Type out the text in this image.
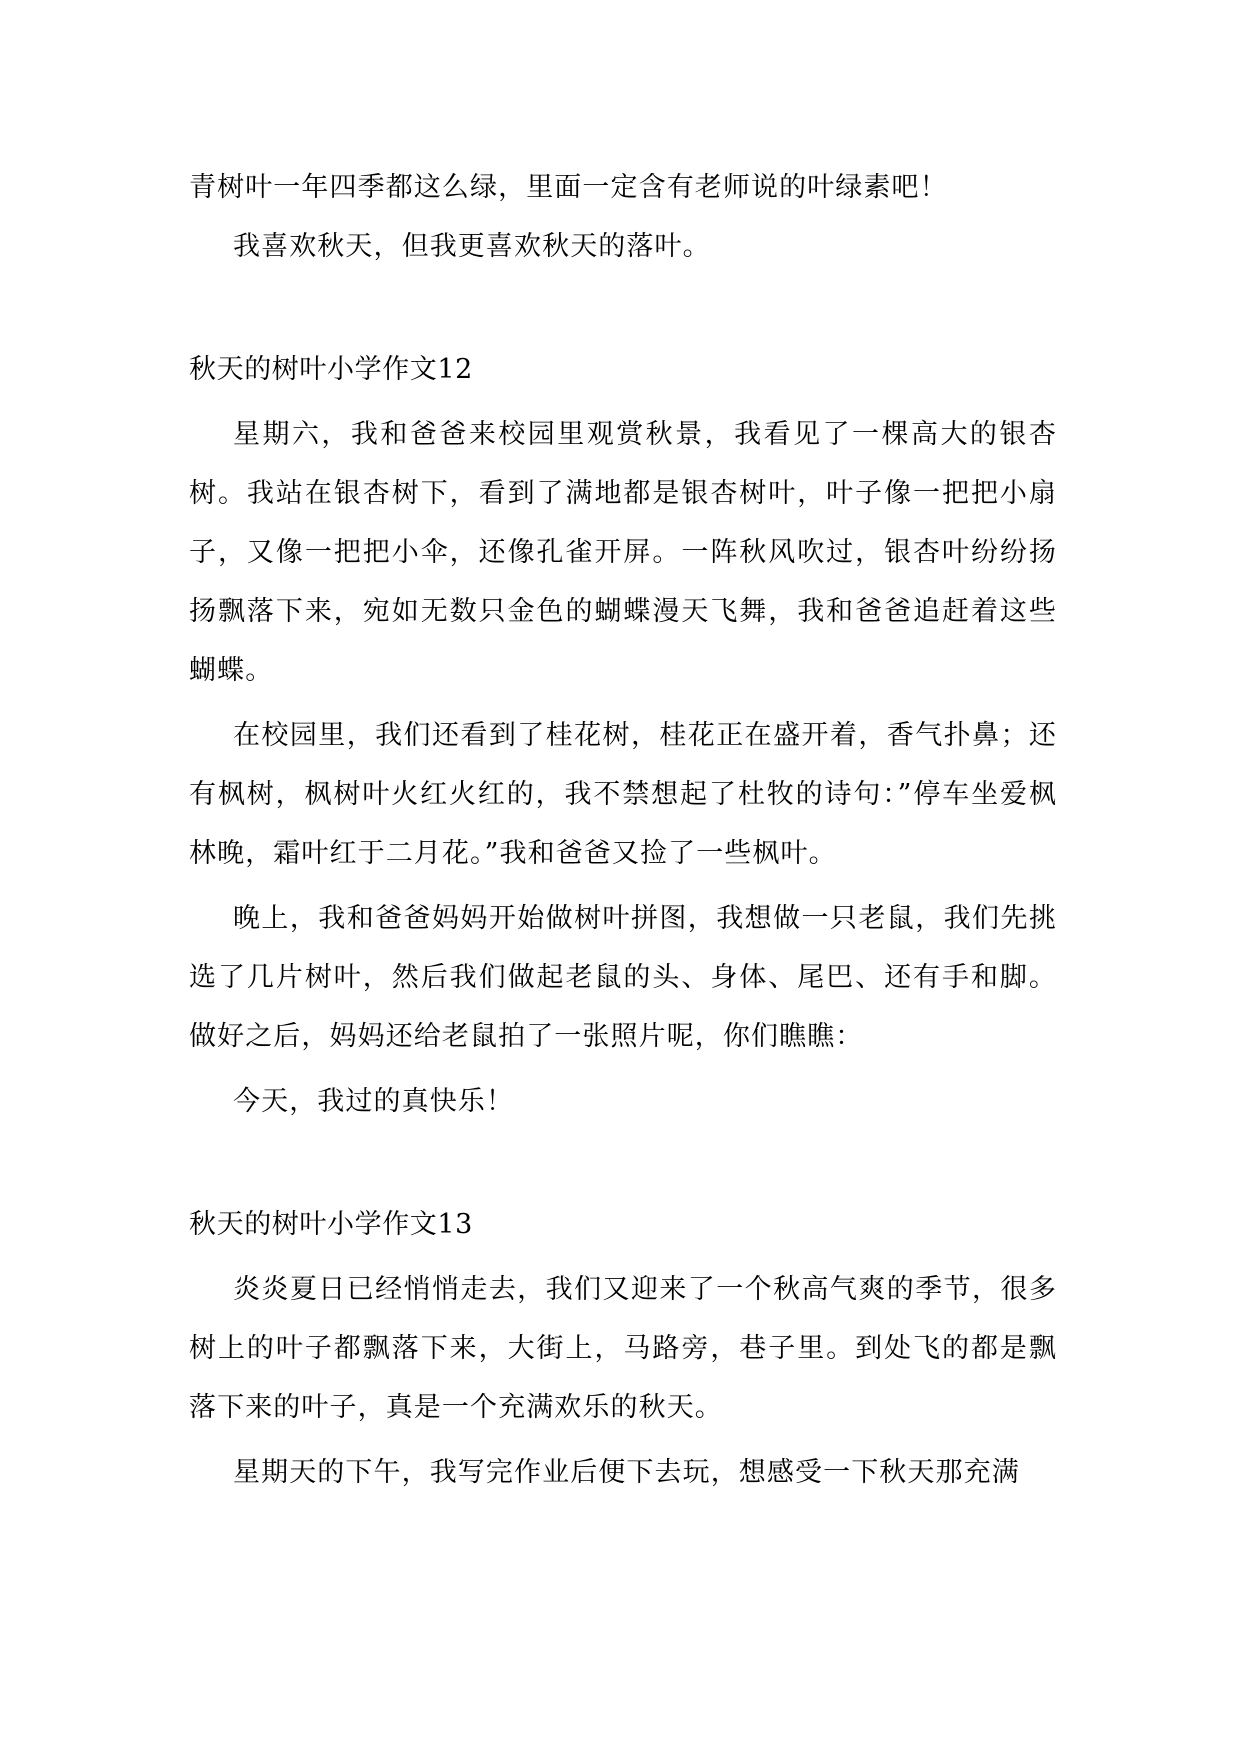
青树叶一年四季都这么绿，里面一定含有老师说的叶绿素吧！

我喜欢秋天，但我更喜欢秋天的落叶。

秋天的树叶小学作文12

星期六，我和爸爸来校园里观赏秋景，我看见了一棵高大的银杏树。我站在银杏树下，看到了满地都是银杏树叶，叶子像一把把小扇子，又像一把把小伞，还像孔雀开屏。一阵秋风吹过，银杏叶纷纷扬扬飘落下来，宛如无数只金色的蝴蝶漫天飞舞，我和爸爸追赶着这些蝴蝶。

在校园里，我们还看到了桂花树，桂花正在盛开着，香气扑鼻；还有枫树，枫树叶火红火红的，我不禁想起了杜牧的诗句：”停车坐爱枫林晚，霜叶红于二月花。”我和爸爸又捡了一些枫叶。

晚上，我和爸爸妈妈开始做树叶拼图，我想做一只老鼠，我们先挑选了几片树叶，然后我们做起老鼠的头、身体、尾巴、还有手和脚。做好之后，妈妈还给老鼠拍了一张照片呢，你们瞧瞧：

今天，我过的真快乐！

秋天的树叶小学作文13

炎炎夏日已经悄悄走去，我们又迎来了一个秋高气爽的季节，很多树上的叶子都飘落下来，大街上，马路旁，巷子里。到处飞的都是飘落下来的叶子，真是一个充满欢乐的秋天。

星期天的下午，我写完作业后便下去玩，想感受一下秋天那充满
